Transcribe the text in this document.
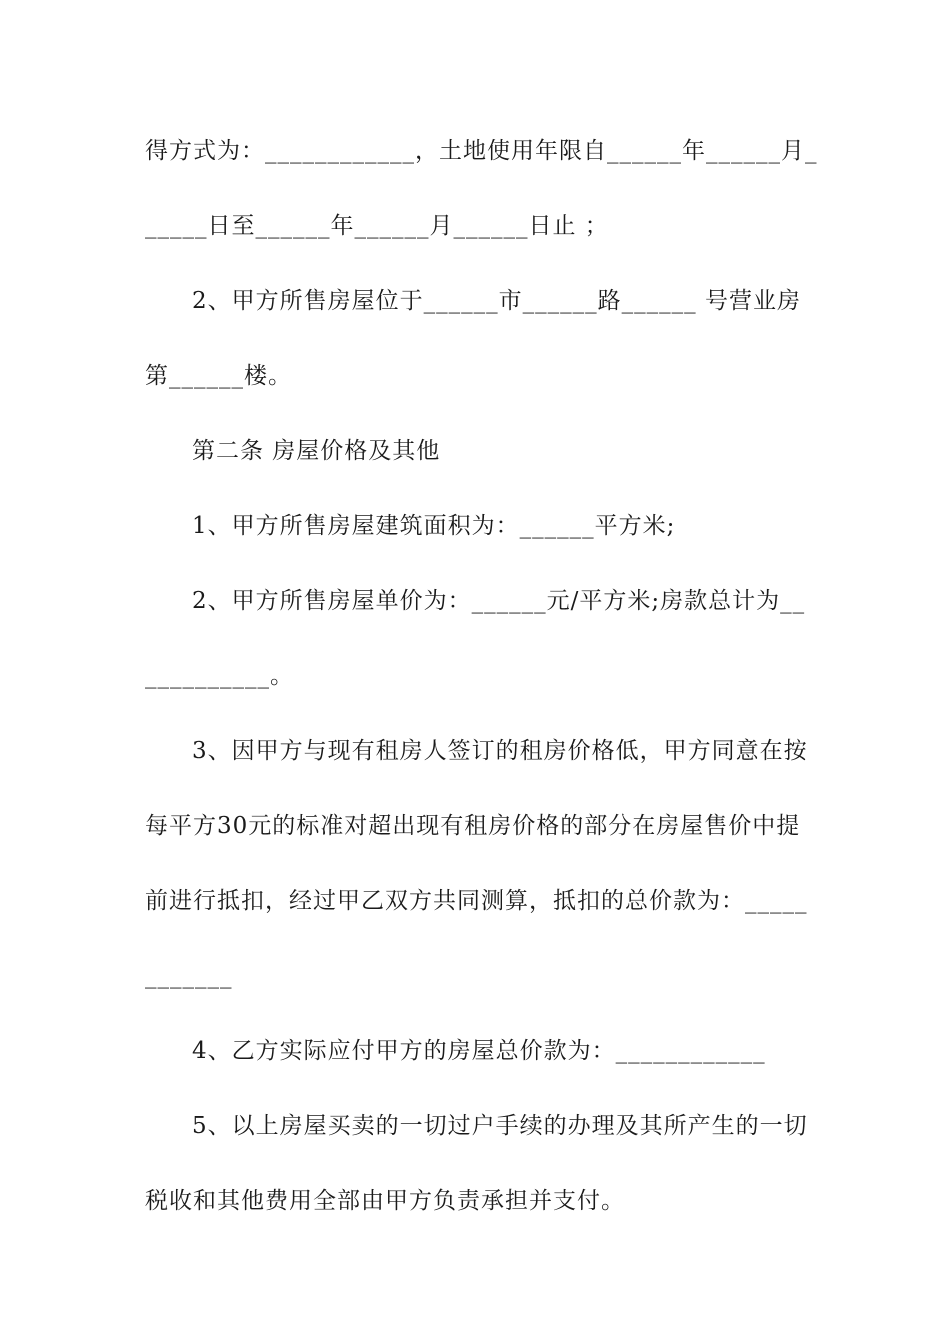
得方式为：____________，土地使用年限自______年______月_
_____日至______年______月______日止 ；
2、甲方所售房屋位于______市______路______ 号营业房
第______楼。
第二条 房屋价格及其他
1、甲方所售房屋建筑面积为：______平方米;
2、甲方所售房屋单价为：______元/平方米;房款总计为__
__________。
3、因甲方与现有租房人签订的租房价格低，甲方同意在按
每平方30元的标准对超出现有租房价格的部分在房屋售价中提
前进行抵扣，经过甲乙双方共同测算，抵扣的总价款为：_____
_______
4、乙方实际应付甲方的房屋总价款为：____________
5、以上房屋买卖的一切过户手续的办理及其所产生的一切
税收和其他费用全部由甲方负责承担并支付。
